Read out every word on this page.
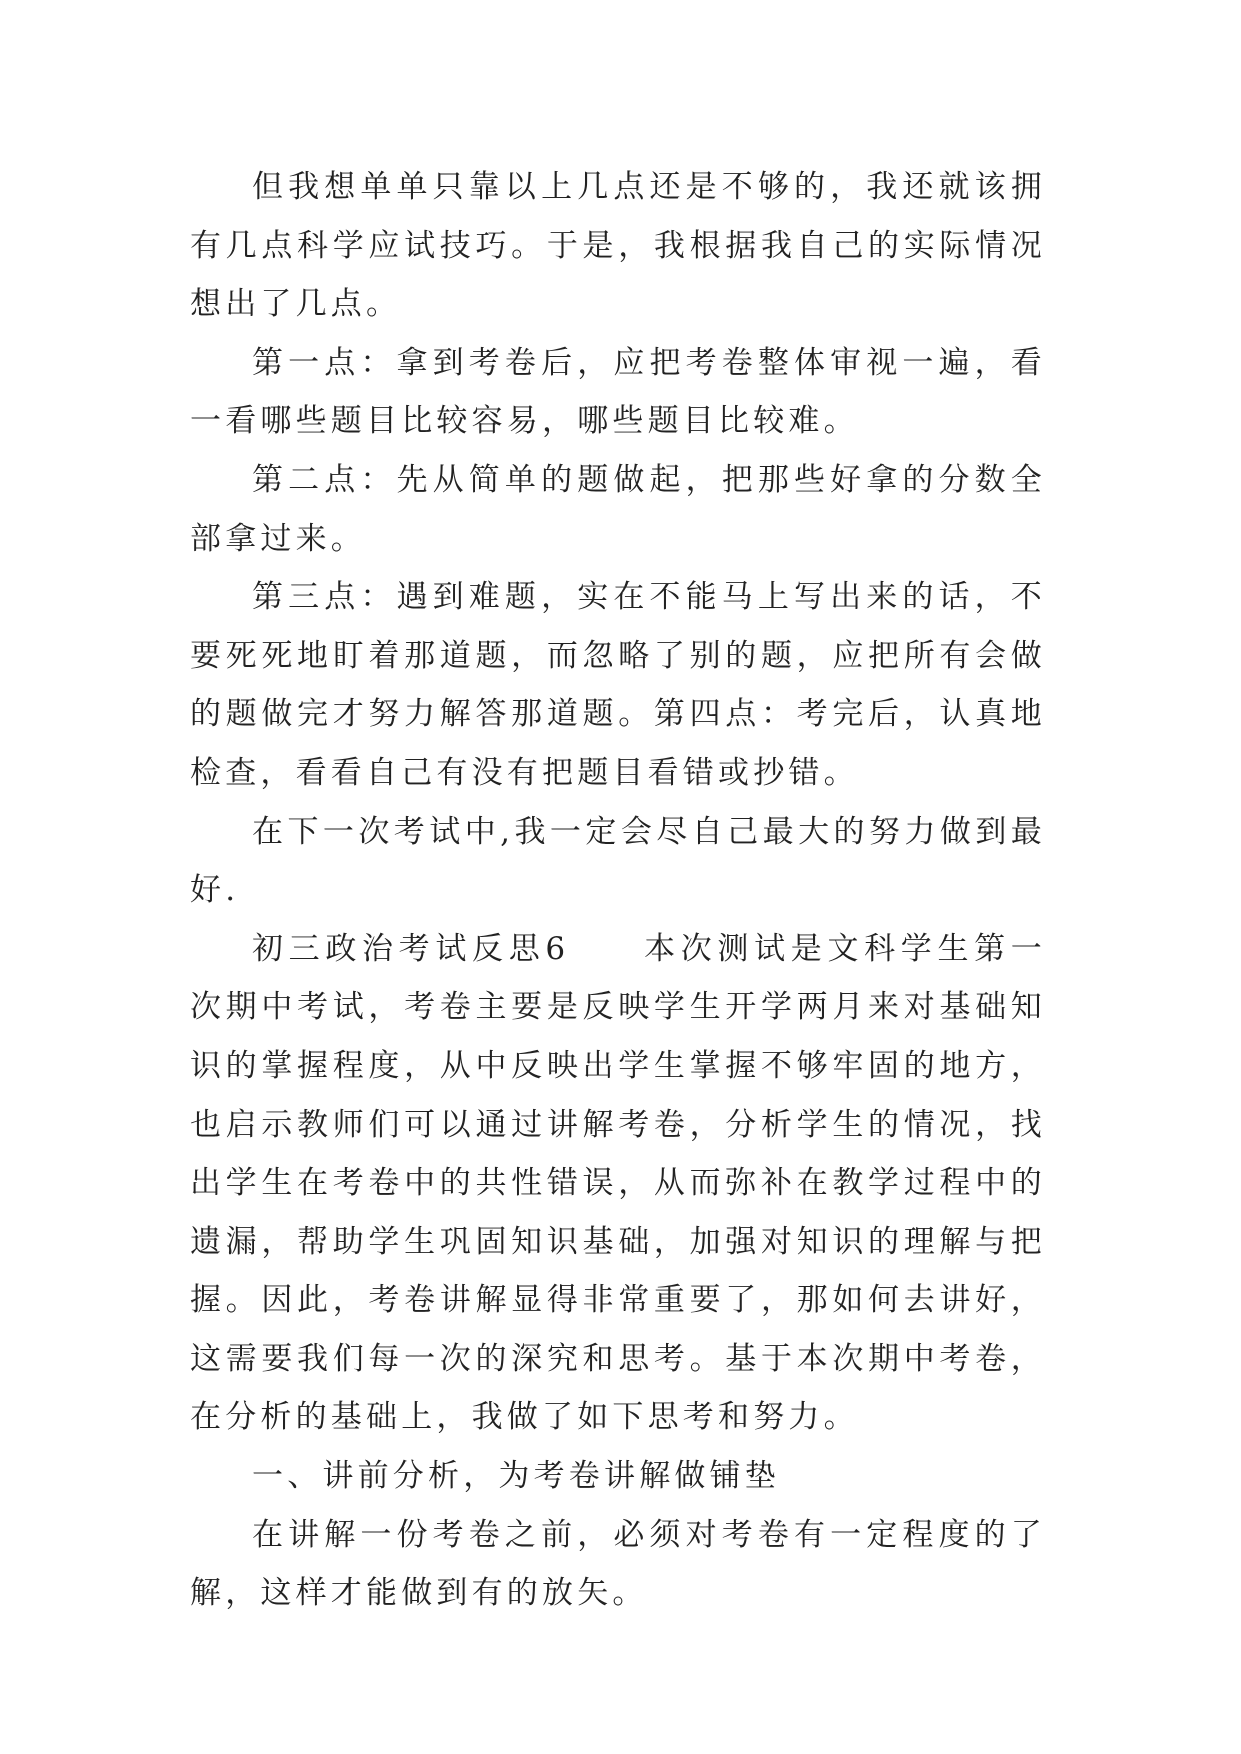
但我想单单只靠以上几点还是不够的，我还就该拥有几点科学应试技巧。于是，我根据我自己的实际情况想出了几点。

第一点：拿到考卷后，应把考卷整体审视一遍，看一看哪些题目比较容易，哪些题目比较难。

第二点：先从简单的题做起，把那些好拿的分数全部拿过来。

第三点：遇到难题，实在不能马上写出来的话，不要死死地盯着那道题，而忽略了别的题，应把所有会做的题做完才努力解答那道题。第四点：考完后，认真地检查，看看自己有没有把题目看错或抄错。

在下一次考试中,我一定会尽自己最大的努力做到最好.

初三政治考试反思6　　本次测试是文科学生第一次期中考试，考卷主要是反映学生开学两月来对基础知识的掌握程度，从中反映出学生掌握不够牢固的地方，也启示教师们可以通过讲解考卷，分析学生的情况，找出学生在考卷中的共性错误，从而弥补在教学过程中的遗漏，帮助学生巩固知识基础，加强对知识的理解与把握。因此，考卷讲解显得非常重要了，那如何去讲好，这需要我们每一次的深究和思考。基于本次期中考卷，在分析的基础上，我做了如下思考和努力。

一、讲前分析，为考卷讲解做铺垫

在讲解一份考卷之前，必须对考卷有一定程度的了解，这样才能做到有的放矢。
